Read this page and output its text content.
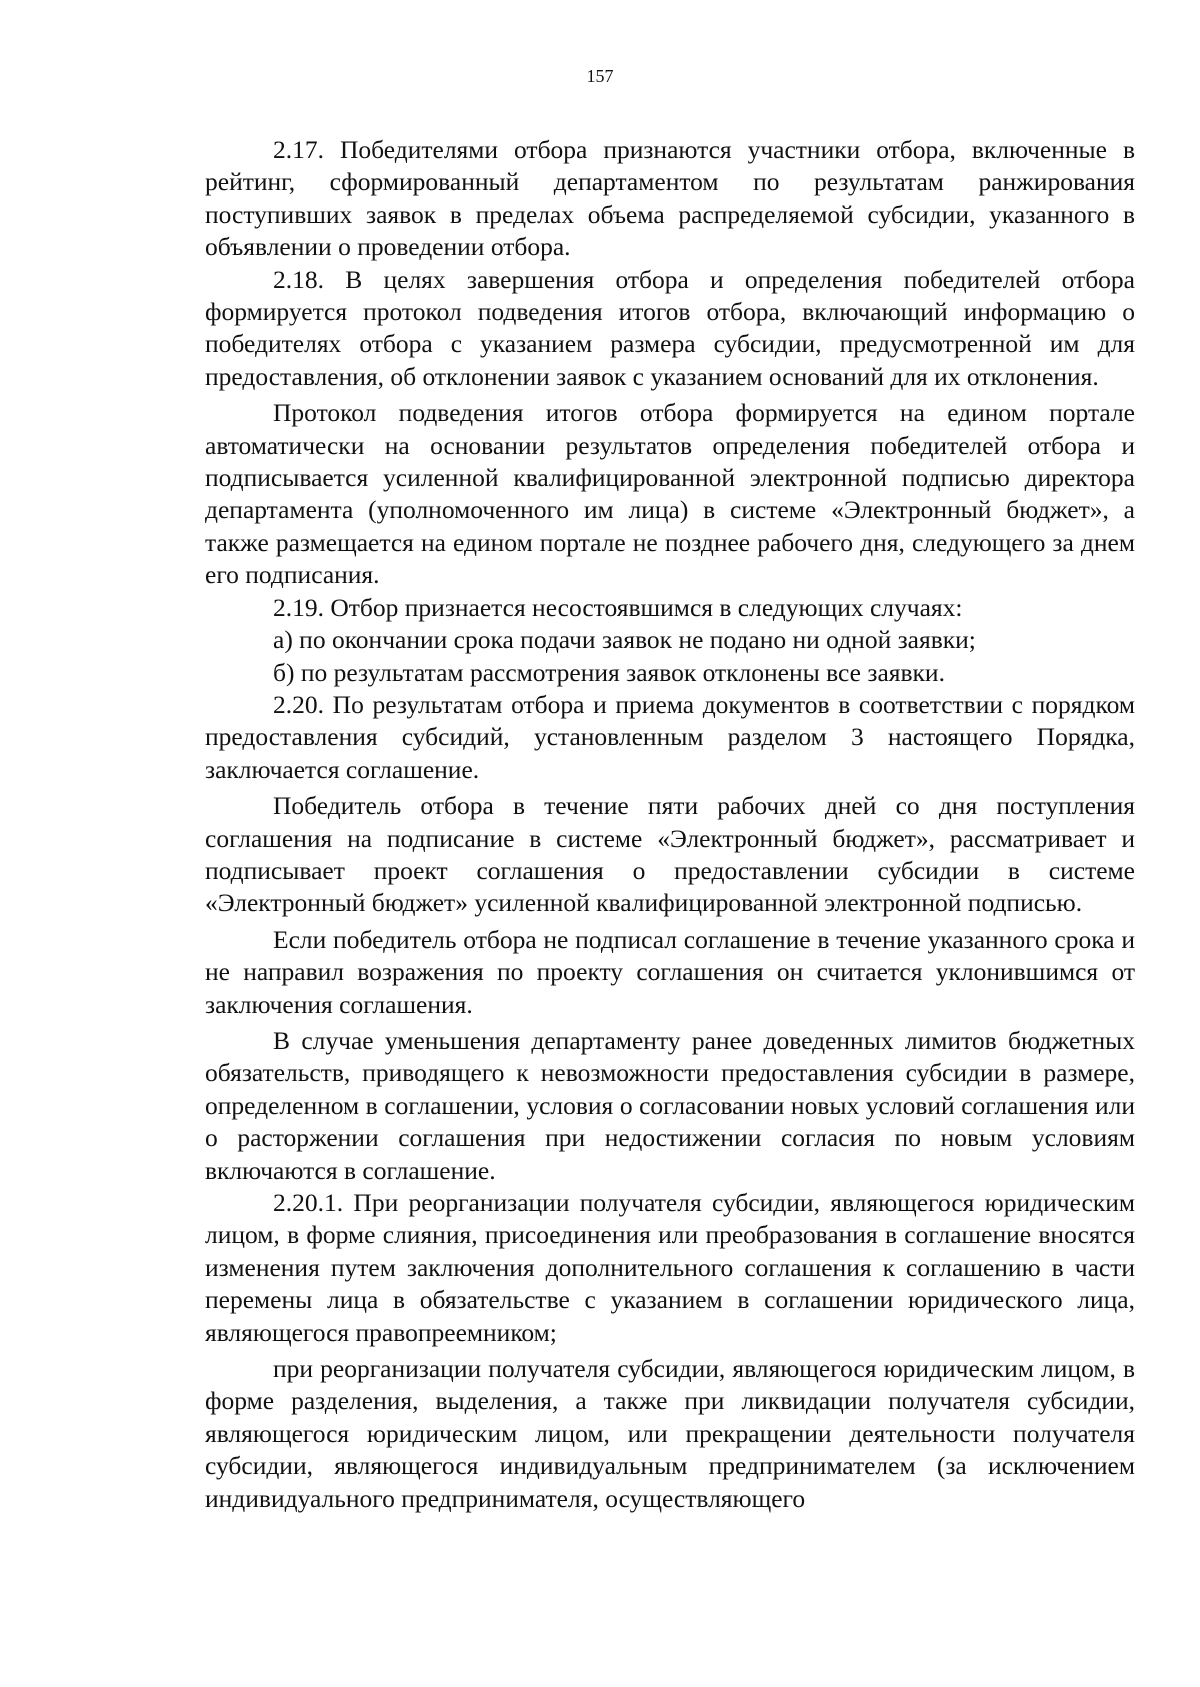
157

2.17. Победителями отбора признаются участники отбора, включенные в рейтинг, сформированный департаментом по результатам ранжирования поступивших заявок в пределах объема распределяемой субсидии, указанного в объявлении о проведении отбора.

2.18. В целях завершения отбора и определения победителей отбора формируется протокол подведения итогов отбора, включающий информацию о победителях отбора с указанием размера субсидии, предусмотренной им для предоставления, об отклонении заявок с указанием оснований для их отклонения.

Протокол подведения итогов отбора формируется на едином портале автоматически на основании результатов определения победителей отбора и подписывается усиленной квалифицированной электронной подписью директора департамента (уполномоченного им лица) в системе «Электронный бюджет», а также размещается на едином портале не позднее рабочего дня, следующего за днем его подписания.

2.19. Отбор признается несостоявшимся в следующих случаях:

а) по окончании срока подачи заявок не подано ни одной заявки;

б) по результатам рассмотрения заявок отклонены все заявки.

2.20. По результатам отбора и приема документов в соответствии с порядком предоставления субсидий, установленным разделом 3 настоящего Порядка, заключается соглашение.

Победитель отбора в течение пяти рабочих дней со дня поступления соглашения на подписание в системе «Электронный бюджет», рассматривает и подписывает проект соглашения о предоставлении субсидии в системе «Электронный бюджет» усиленной квалифицированной электронной подписью.

Если победитель отбора не подписал соглашение в течение указанного срока и не направил возражения по проекту соглашения он считается уклонившимся от заключения соглашения.

В случае уменьшения департаменту ранее доведенных лимитов бюджетных обязательств, приводящего к невозможности предоставления субсидии в размере, определенном в соглашении, условия о согласовании новых условий соглашения или о расторжении соглашения при недостижении согласия по новым условиям включаются в соглашение.

2.20.1. При реорганизации получателя субсидии, являющегося юридическим лицом, в форме слияния, присоединения или преобразования в соглашение вносятся изменения путем заключения дополнительного соглашения к соглашению в части перемены лица в обязательстве с указанием в соглашении юридического лица, являющегося правопреемником;

при реорганизации получателя субсидии, являющегося юридическим лицом, в форме разделения, выделения, а также при ликвидации получателя субсидии, являющегося юридическим лицом, или прекращении деятельности получателя субсидии, являющегося индивидуальным предпринимателем (за исключением индивидуального предпринимателя, осуществляющего
